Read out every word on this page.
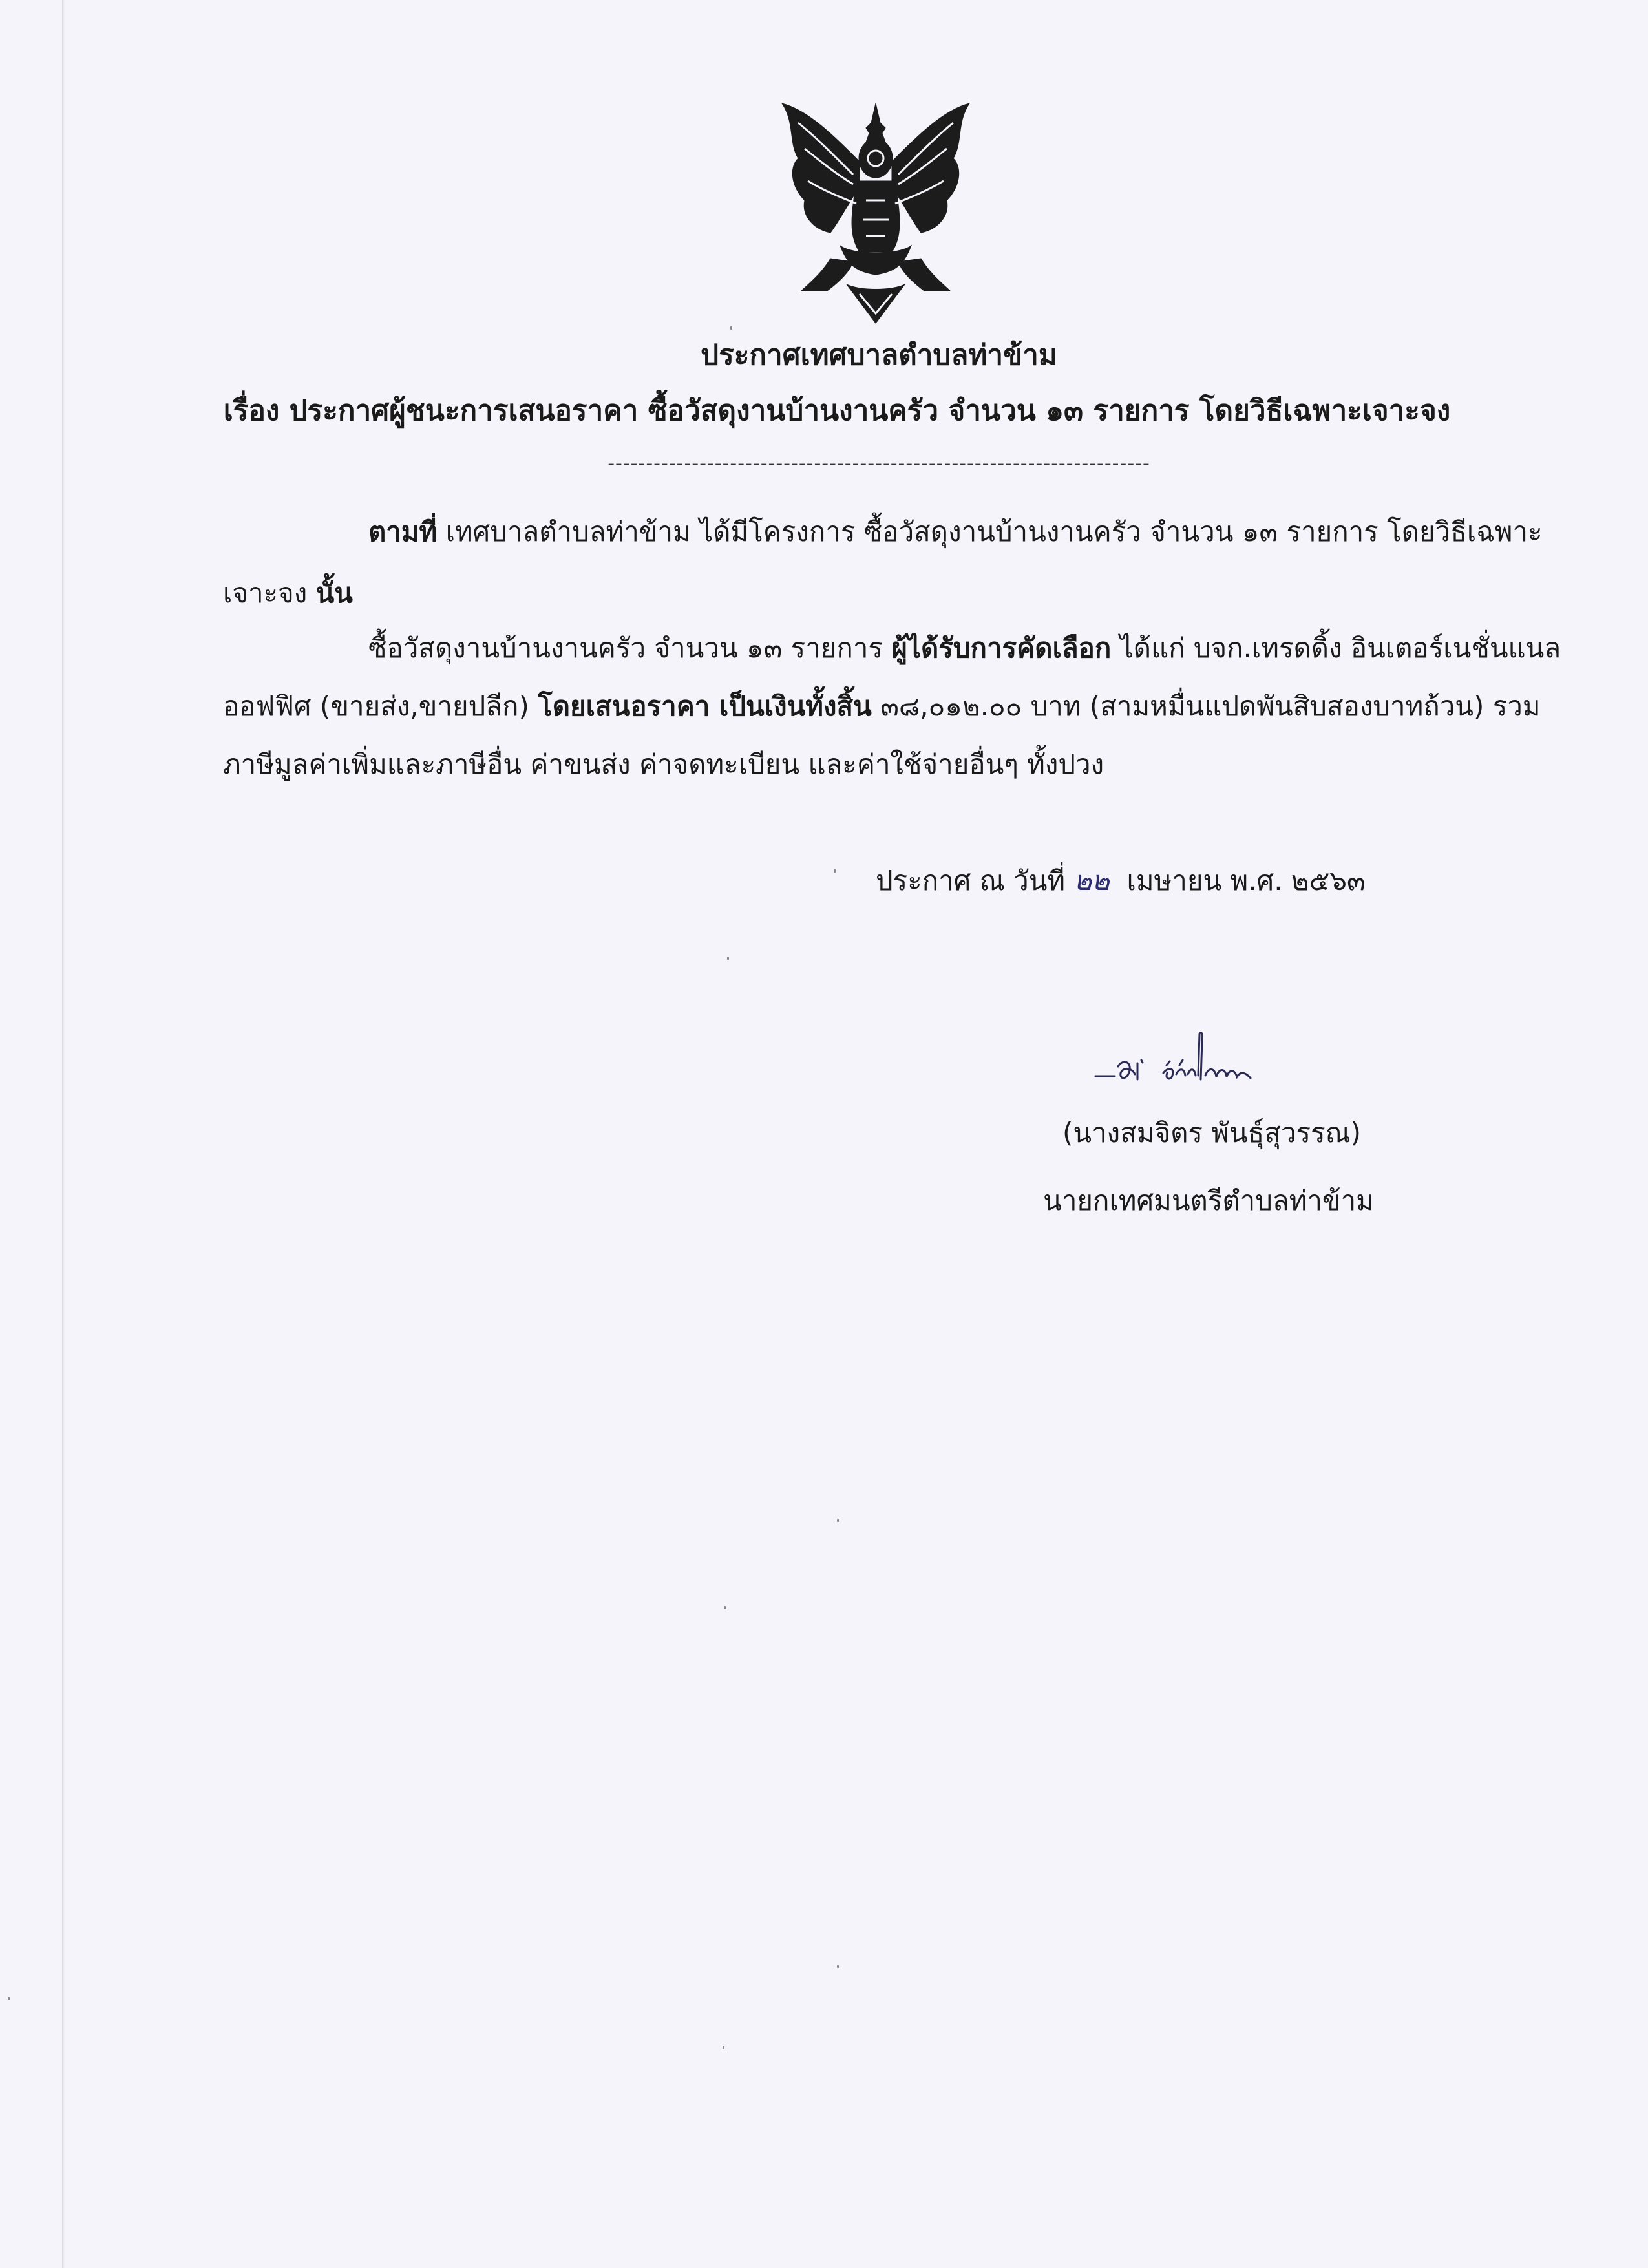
ประกาศเทศบาลตำบลท่าข้าม
เรื่อง ประกาศผู้ชนะการเสนอราคา ซื้อวัสดุงานบ้านงานครัว จำนวน ๑๓ รายการ โดยวิธีเฉพาะเจาะจง
-----------------------------------------------------------------------
ตามที่ เทศบาลตำบลท่าข้าม ได้มีโครงการ ซื้อวัสดุงานบ้านงานครัว จำนวน ๑๓ รายการ โดยวิธีเฉพาะ
เจาะจง นั้น
ซื้อวัสดุงานบ้านงานครัว จำนวน ๑๓ รายการ ผู้ได้รับการคัดเลือก ได้แก่ บจก.เทรดดิ้ง อินเตอร์เนชั่นแนล
ออฟฟิศ (ขายส่ง,ขายปลีก) โดยเสนอราคา เป็นเงินทั้งสิ้น ๓๘,๐๑๒.๐๐ บาท (สามหมื่นแปดพันสิบสองบาทถ้วน) รวม
ภาษีมูลค่าเพิ่มและภาษีอื่น ค่าขนส่ง ค่าจดทะเบียน และค่าใช้จ่ายอื่นๆ ทั้งปวง
ประกาศ ณ วันที่ ๒๒ เมษายน พ.ศ. ๒๕๖๓
(นางสมจิตร พันธุ์สุวรรณ)
นายกเทศมนตรีตำบลท่าข้าม
